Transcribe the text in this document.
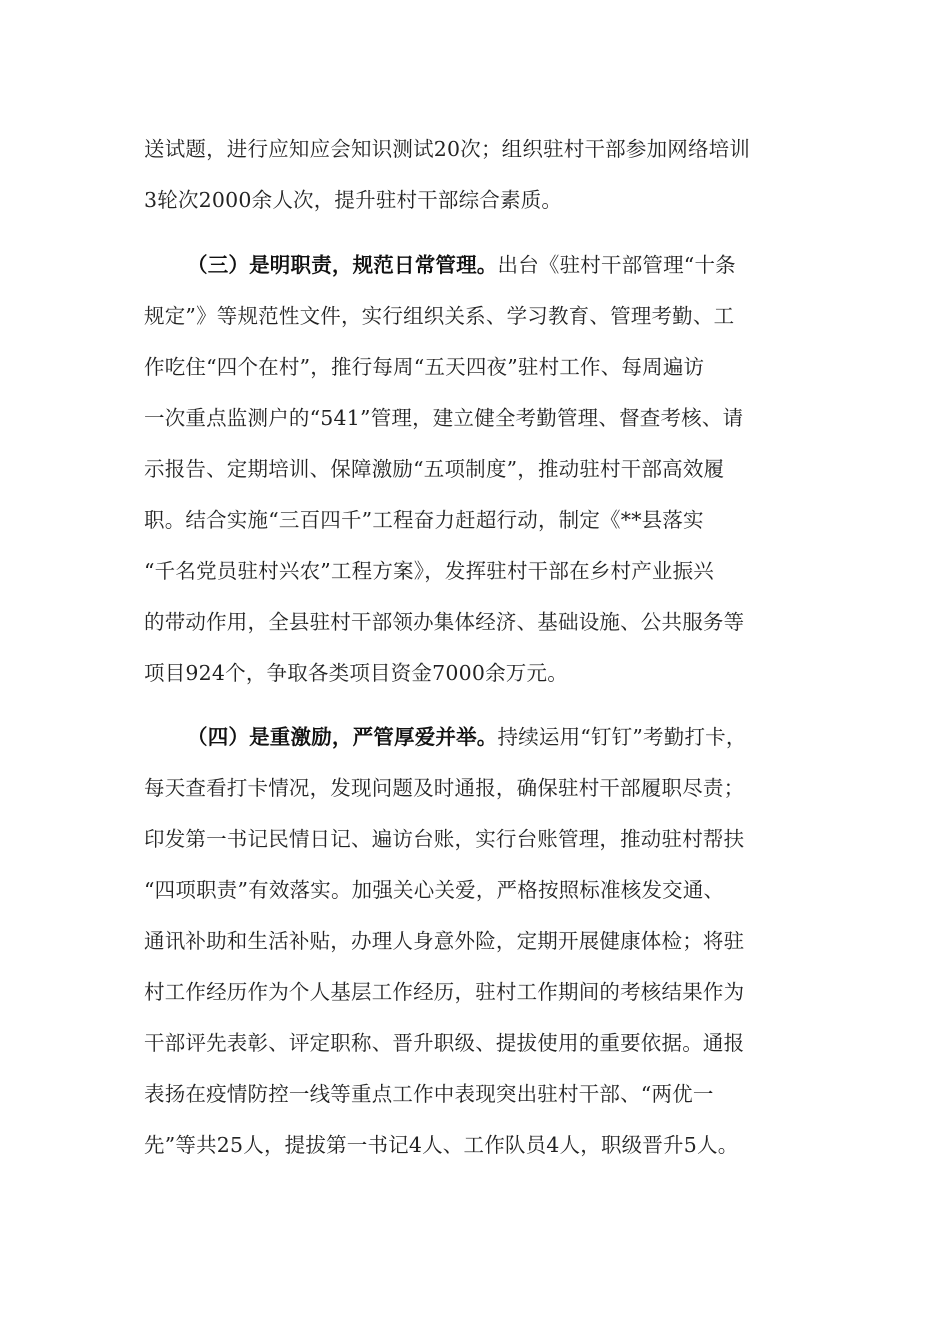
送试题，进行应知应会知识测试20次；组织驻村干部参加网络培训
3轮次2000余人次，提升驻村干部综合素质。
（三）是明职责，规范日常管理。出台《驻村干部管理“十条
规定”》等规范性文件，实行组织关系、学习教育、管理考勤、工
作吃住“四个在村”，推行每周“五天四夜”驻村工作、每周遍访
一次重点监测户的“541”管理，建立健全考勤管理、督查考核、请
示报告、定期培训、保障激励“五项制度”，推动驻村干部高效履
职。结合实施“三百四千”工程奋力赶超行动，制定《**县落实
“千名党员驻村兴农”工程方案》，发挥驻村干部在乡村产业振兴
的带动作用，全县驻村干部领办集体经济、基础设施、公共服务等
项目924个，争取各类项目资金7000余万元。
（四）是重激励，严管厚爱并举。持续运用“钉钉”考勤打卡，
每天查看打卡情况，发现问题及时通报，确保驻村干部履职尽责；
印发第一书记民情日记、遍访台账，实行台账管理，推动驻村帮扶
“四项职责”有效落实。加强关心关爱，严格按照标准核发交通、
通讯补助和生活补贴，办理人身意外险，定期开展健康体检；将驻
村工作经历作为个人基层工作经历，驻村工作期间的考核结果作为
干部评先表彰、评定职称、晋升职级、提拔使用的重要依据。通报
表扬在疫情防控一线等重点工作中表现突出驻村干部、“两优一
先”等共25人，提拔第一书记4人、工作队员4人，职级晋升5人。
